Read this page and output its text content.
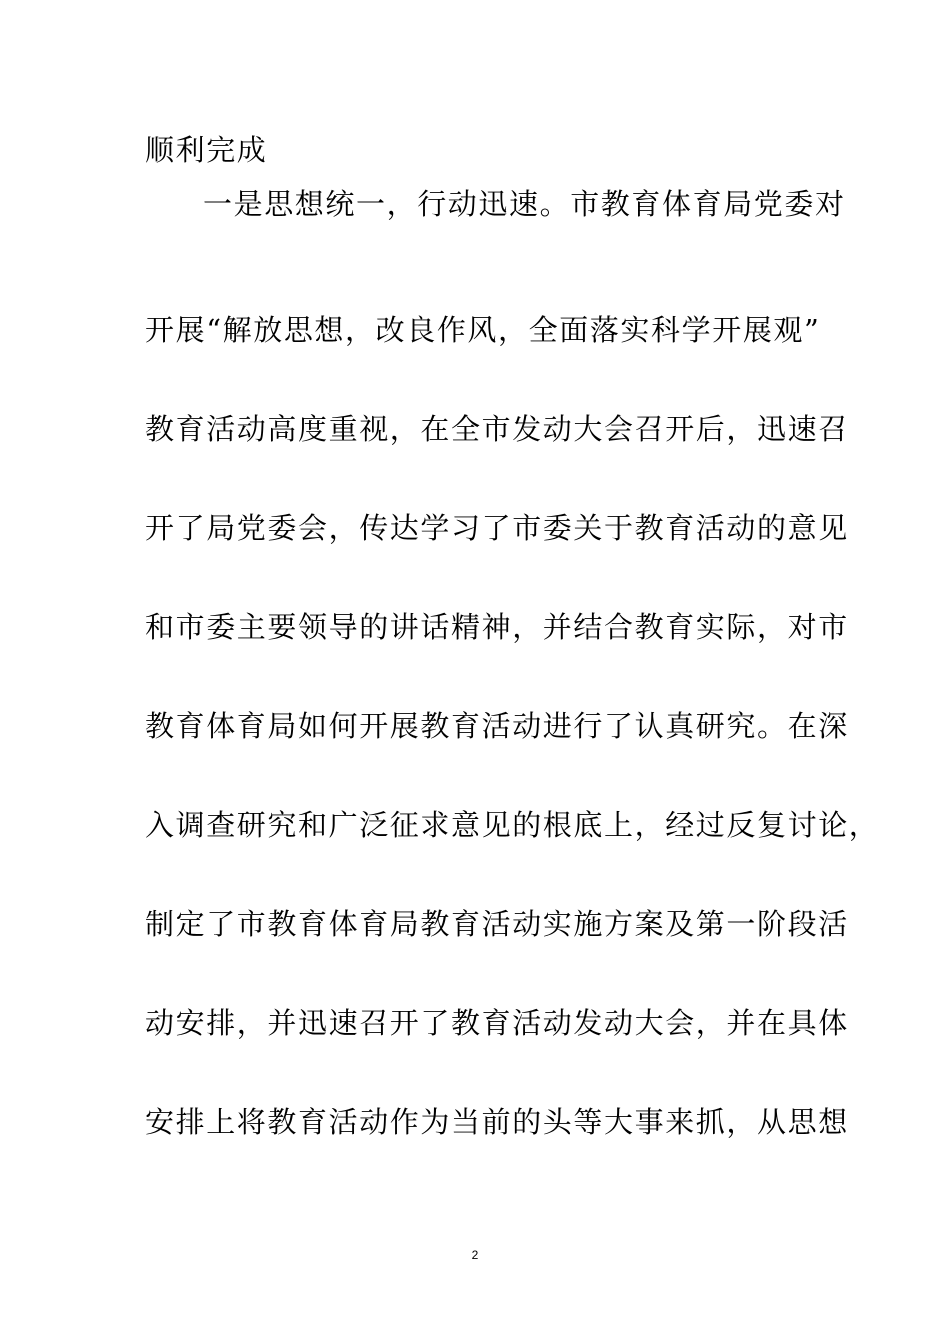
顺利完成
一是思想统一，行动迅速。市教育体育局党委对
开展“解放思想，改良作风，全面落实科学开展观”
教育活动高度重视，在全市发动大会召开后，迅速召
开了局党委会，传达学习了市委关于教育活动的意见
和市委主要领导的讲话精神，并结合教育实际，对市
教育体育局如何开展教育活动进行了认真研究。在深
入调查研究和广泛征求意见的根底上，经过反复讨论，
制定了市教育体育局教育活动实施方案及第一阶段活
动安排，并迅速召开了教育活动发动大会，并在具体
安排上将教育活动作为当前的头等大事来抓，从思想
2
